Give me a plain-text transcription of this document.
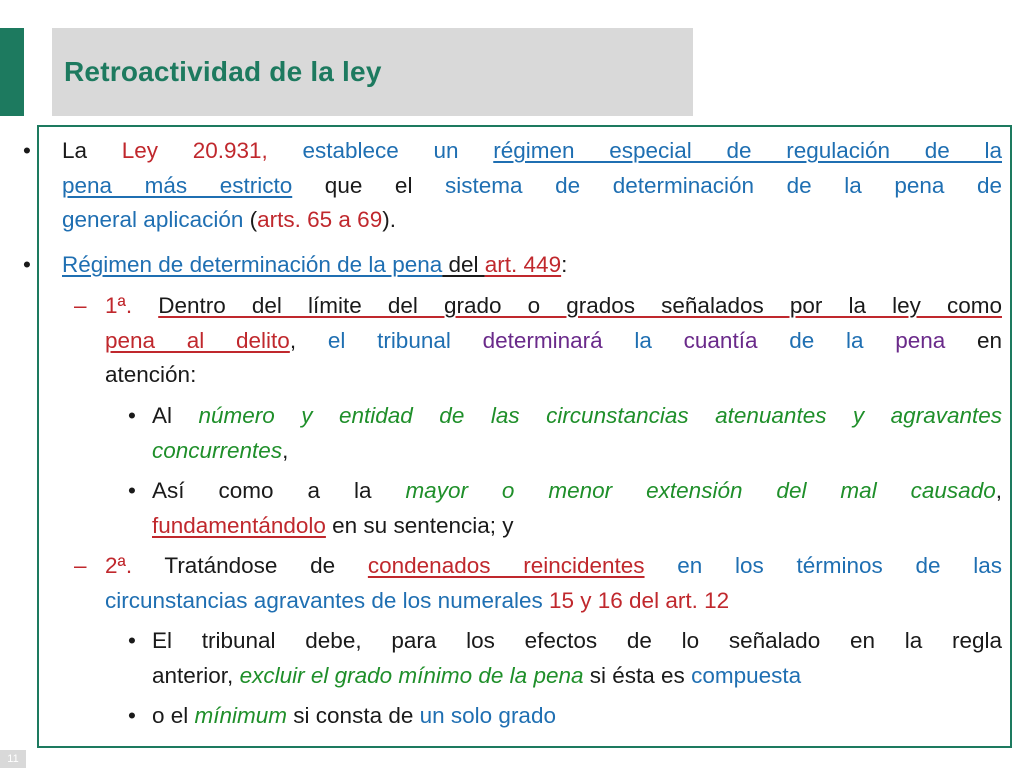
Retroactividad de la ley
• La Ley 20.931, establece un régimen especial de regulación de la
pena más estricto que el sistema de determinación de la pena de
general aplicación (arts. 65 a 69).
• Régimen de determinación de la pena del art. 449:
– 1ª. Dentro del límite del grado o grados señalados por la ley como
pena al delito, el tribunal determinará la cuantía de la pena en
atención:
• Al número y entidad de las circunstancias atenuantes y agravantes
concurrentes,
• Así como a la mayor o menor extensión del mal causado,
fundamentándolo en su sentencia; y
– 2ª. Tratándose de condenados reincidentes en los términos de las
circunstancias agravantes de los numerales 15 y 16 del art. 12
• El tribunal debe, para los efectos de lo señalado en la regla
anterior, excluir el grado mínimo de la pena si ésta es compuesta
• o el mínimum si consta de un solo grado
11
